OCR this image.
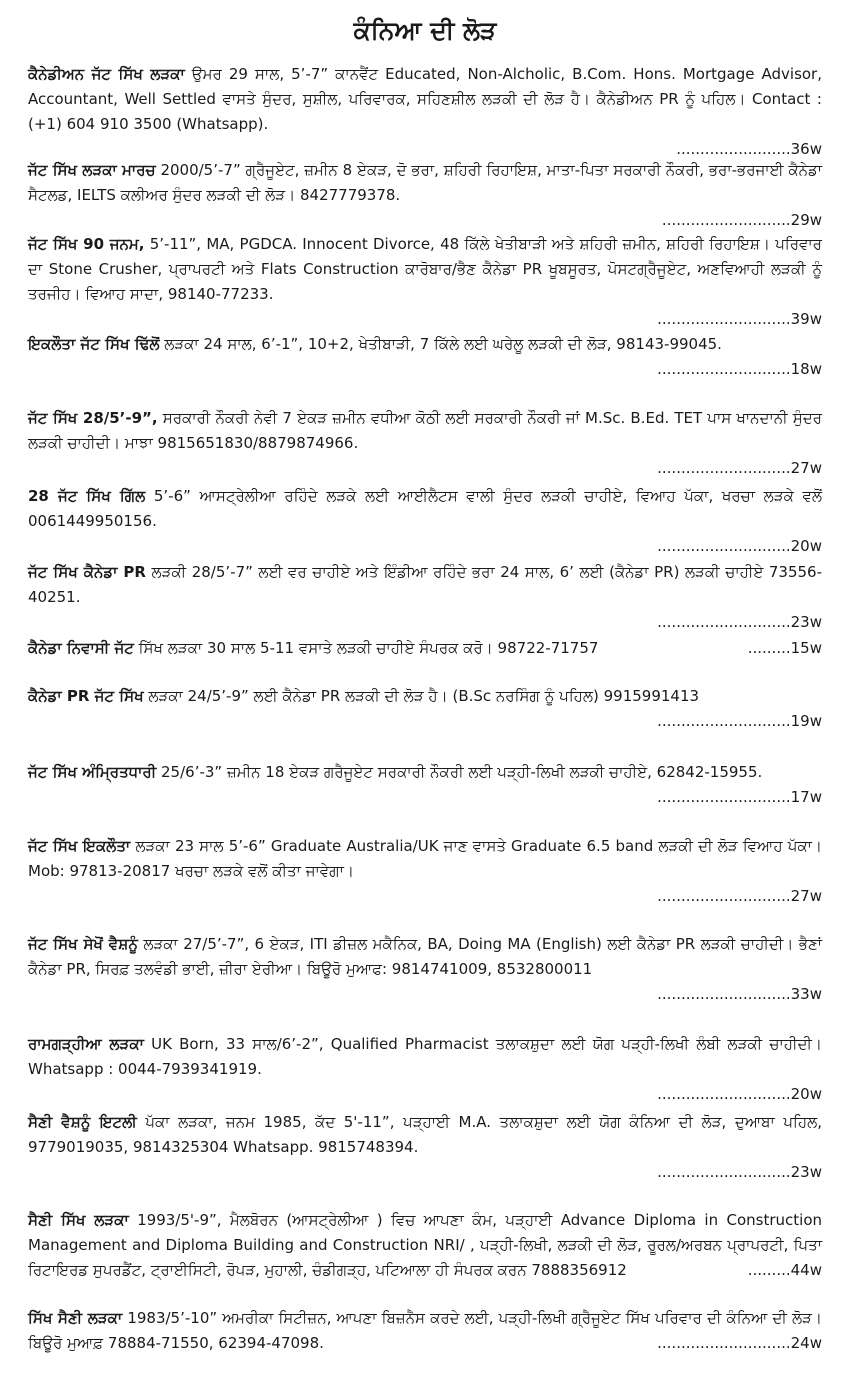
ਕੰਨਿਆ ਦੀ ਲੋੜ
ਕੈਨੇਡੀਅਨ ਜੱਟ ਸਿੱਖ ਲੜਕਾ ਉਮਰ 29 ਸਾਲ, 5’-7” ਕਾਨਵੈਂਟ Educated, Non-Alcholic, B.Com. Hons. Mortgage Advisor, Accountant, Well Settled ਵਾਸਤੇ ਸੁੰਦਰ, ਸੁਸ਼ੀਲ, ਪਰਿਵਾਰਕ, ਸਹਿਣਸ਼ੀਲ ਲੜਕੀ ਦੀ ਲੋੜ ਹੈ। ਕੈਨੇਡੀਅਨ PR ਨੂੰ ਪਹਿਲ। Contact : (+1) 604 910 3500 (Whatsapp).
........................36w
ਜੱਟ ਸਿੱਖ ਲੜਕਾ ਮਾਰਚ 2000/5’-7” ਗ੍ਰੈਜੂਏਟ, ਜ਼ਮੀਨ 8 ਏਕੜ, ਦੋ ਭਰਾ, ਸ਼ਹਿਰੀ ਰਿਹਾਇਸ਼, ਮਾਤਾ-ਪਿਤਾ ਸਰਕਾਰੀ ਨੌਕਰੀ, ਭਰਾ-ਭਰਜਾਈ ਕੈਨੇਡਾ ਸੈਟਲਡ, IELTS ਕਲੀਅਰ ਸੁੰਦਰ ਲੜਕੀ ਦੀ ਲੋੜ। 8427779378.
...........................29w
ਜੱਟ ਸਿੱਖ 90 ਜਨਮ, 5’-11”, MA, PGDCA. Innocent Divorce, 48 ਕਿੱਲੇ ਖੇਤੀਬਾੜੀ ਅਤੇ ਸ਼ਹਿਰੀ ਜ਼ਮੀਨ, ਸ਼ਹਿਰੀ ਰਿਹਾਇਸ਼। ਪਰਿਵਾਰ ਦਾ Stone Crusher, ਪ੍ਰਾਪਰਟੀ ਅਤੇ Flats Construction ਕਾਰੋਬਾਰ/ਭੈਣ ਕੈਨੇਡਾ PR ਖੂਬਸੂਰਤ, ਪੋਸਟਗ੍ਰੈਜੂਏਟ, ਅਣਵਿਆਹੀ ਲੜਕੀ ਨੂੰ ਤਰਜੀਹ। ਵਿਆਹ ਸਾਦਾ, 98140-77233.
............................39w
ਇਕਲੌਤਾ ਜੱਟ ਸਿੱਖ ਢਿੱਲੋਂ ਲੜਕਾ 24 ਸਾਲ, 6’-1”, 10+2, ਖੇਤੀਬਾੜੀ, 7 ਕਿੱਲੇ ਲਈ ਘਰੇਲੂ ਲੜਕੀ ਦੀ ਲੋੜ, 98143-99045.
............................18w
ਜੱਟ ਸਿੱਖ 28/5’-9”, ਸਰਕਾਰੀ ਨੌਕਰੀ ਨੇਵੀ 7 ਏਕੜ ਜ਼ਮੀਨ ਵਧੀਆ ਕੋਠੀ ਲਈ ਸਰਕਾਰੀ ਨੌਕਰੀ ਜਾਂ M.Sc. B.Ed. TET ਪਾਸ ਖਾਨਦਾਨੀ ਸੁੰਦਰ ਲੜਕੀ ਚਾਹੀਦੀ। ਮਾਝਾ 9815651830/8879874966.
............................27w
28 ਜੱਟ ਸਿੱਖ ਗਿੱਲ 5’-6” ਆਸਟ੍ਰੇਲੀਆ ਰਹਿੰਦੇ ਲੜਕੇ ਲਈ ਆਈਲੈਟਸ ਵਾਲੀ ਸੁੰਦਰ ਲੜਕੀ ਚਾਹੀਏ, ਵਿਆਹ ਪੱਕਾ, ਖਰਚਾ ਲੜਕੇ ਵਲੋਂ 0061449950156.
............................20w
ਜੱਟ ਸਿੱਖ ਕੈਨੇਡਾ PR ਲੜਕੀ 28/5’-7” ਲਈ ਵਰ ਚਾਹੀਏ ਅਤੇ ਇੰਡੀਆ ਰਹਿੰਦੇ ਭਰਾ 24 ਸਾਲ, 6’ ਲਈ (ਕੈਨੇਡਾ PR) ਲੜਕੀ ਚਾਹੀਏ 73556-40251.
............................23w
ਕੈਨੇਡਾ ਨਿਵਾਸੀ ਜੱਟ ਸਿੱਖ ਲੜਕਾ 30 ਸਾਲ 5-11 ਵਸਾਤੇ ਲੜਕੀ ਚਾਹੀਏ ਸੰਪਰਕ ਕਰੋ। 98722-71757	.........15w
ਕੈਨੇਡਾ PR ਜੱਟ ਸਿੱਖ ਲੜਕਾ 24/5’-9” ਲਈ ਕੈਨੇਡਾ PR ਲੜਕੀ ਦੀ ਲੋੜ ਹੈ। (B.Sc ਨਰਸਿੰਗ ਨੂੰ ਪਹਿਲ) 9915991413
............................19w
ਜੱਟ ਸਿੱਖ ਅੰਮ੍ਰਿਤਧਾਰੀ 25/6’-3” ਜ਼ਮੀਨ 18 ਏਕੜ ਗਰੈਜੂਏਟ ਸਰਕਾਰੀ ਨੌਕਰੀ ਲਈ ਪੜ੍ਹੀ-ਲਿਖੀ ਲੜਕੀ ਚਾਹੀਏ, 62842-15955.
............................17w
ਜੱਟ ਸਿੱਖ ਇਕਲੌਤਾ ਲੜਕਾ 23 ਸਾਲ 5’-6” Graduate Australia/UK ਜਾਣ ਵਾਸਤੇ Graduate 6.5 band ਲੜਕੀ ਦੀ ਲੋੜ ਵਿਆਹ ਪੱਕਾ। Mob: 97813-20817 ਖਰਚਾ ਲੜਕੇ ਵਲੋਂ ਕੀਤਾ ਜਾਵੇਗਾ।
............................27w
ਜੱਟ ਸਿੱਖ ਸੇਖੋਂ ਵੈਸ਼ਨੂੰ ਲੜਕਾ 27/5’-7”, 6 ਏਕੜ, ITI ਡੀਜ਼ਲ ਮਕੈਨਿਕ, BA, Doing MA (English) ਲਈ ਕੈਨੇਡਾ PR ਲੜਕੀ ਚਾਹੀਦੀ। ਭੈਣਾਂ ਕੈਨੇਡਾ PR, ਸਿਰਫ਼ ਤਲਵੰਡੀ ਭਾਈ, ਜ਼ੀਰਾ ਏਰੀਆ। ਬਿਊਰੋ ਮੁਆਫ: 9814741009, 8532800011
............................33w
ਰਾਮਗੜ੍ਹੀਆ ਲੜਕਾ UK Born, 33 ਸਾਲ/6’-2”, Qualified Pharmacist ਤਲਾਕਸ਼ੁਦਾ ਲਈ ਯੋਗ ਪੜ੍ਹੀ-ਲਿਖੀ ਲੰਬੀ ਲੜਕੀ ਚਾਹੀਦੀ। Whatsapp : 0044-7939341919.
............................20w
ਸੈਣੀ ਵੈਸ਼ਨੂੰ ਇਟਲੀ ਪੱਕਾ ਲੜਕਾ, ਜਨਮ 1985, ਕੱਦ 5'-11”, ਪੜ੍ਹਾਈ M.A. ਤਲਾਕਸ਼ੁਦਾ ਲਈ ਯੋਗ ਕੰਨਿਆ ਦੀ ਲੋੜ, ਦੁਆਬਾ ਪਹਿਲ, 9779019035, 9814325304 Whatsapp. 9815748394.
............................23w
ਸੈਣੀ ਸਿੱਖ ਲੜਕਾ 1993/5'-9”, ਮੈਲਬੋਰਨ (ਆਸਟ੍ਰੇਲੀਆ ) ਵਿਚ ਆਪਣਾ ਕੰਮ, ਪੜ੍ਹਾਈ Advance Diploma in Construction Management and Diploma Building and Construction NRI/ , ਪੜ੍ਹੀ-ਲਿਖੀ, ਲੜਕੀ ਦੀ ਲੋੜ, ਰੂਰਲ/ਅਰਬਨ ਪ੍ਰਾਪਰਟੀ, ਪਿਤਾ ਰਿਟਾਇਰਡ ਸੁਪਰਡੈਂਟ, ਟ੍ਰਾਈਸਿਟੀ, ਰੋਪੜ, ਮੁਹਾਲੀ, ਚੰਡੀਗੜ੍ਹ, ਪਟਿਆਲਾ ਹੀ ਸੰਪਰਕ ਕਰਨ 7888356912	.........44w
ਸਿੱਖ ਸੈਣੀ ਲੜਕਾ 1983/5’-10” ਅਮਰੀਕਾ ਸਿਟੀਜ਼ਨ, ਆਪਣਾ ਬਿਜ਼ਨੈਸ ਕਰਦੇ ਲਈ, ਪੜ੍ਹੀ-ਲਿਖੀ ਗ੍ਰੈਜੂਏਟ ਸਿੱਖ ਪਰਿਵਾਰ ਦੀ ਕੰਨਿਆ ਦੀ ਲੋੜ। ਬਿਊਰੋ ਮੁਆਫ਼ 78884-71550, 62394-47098.	............................24w
